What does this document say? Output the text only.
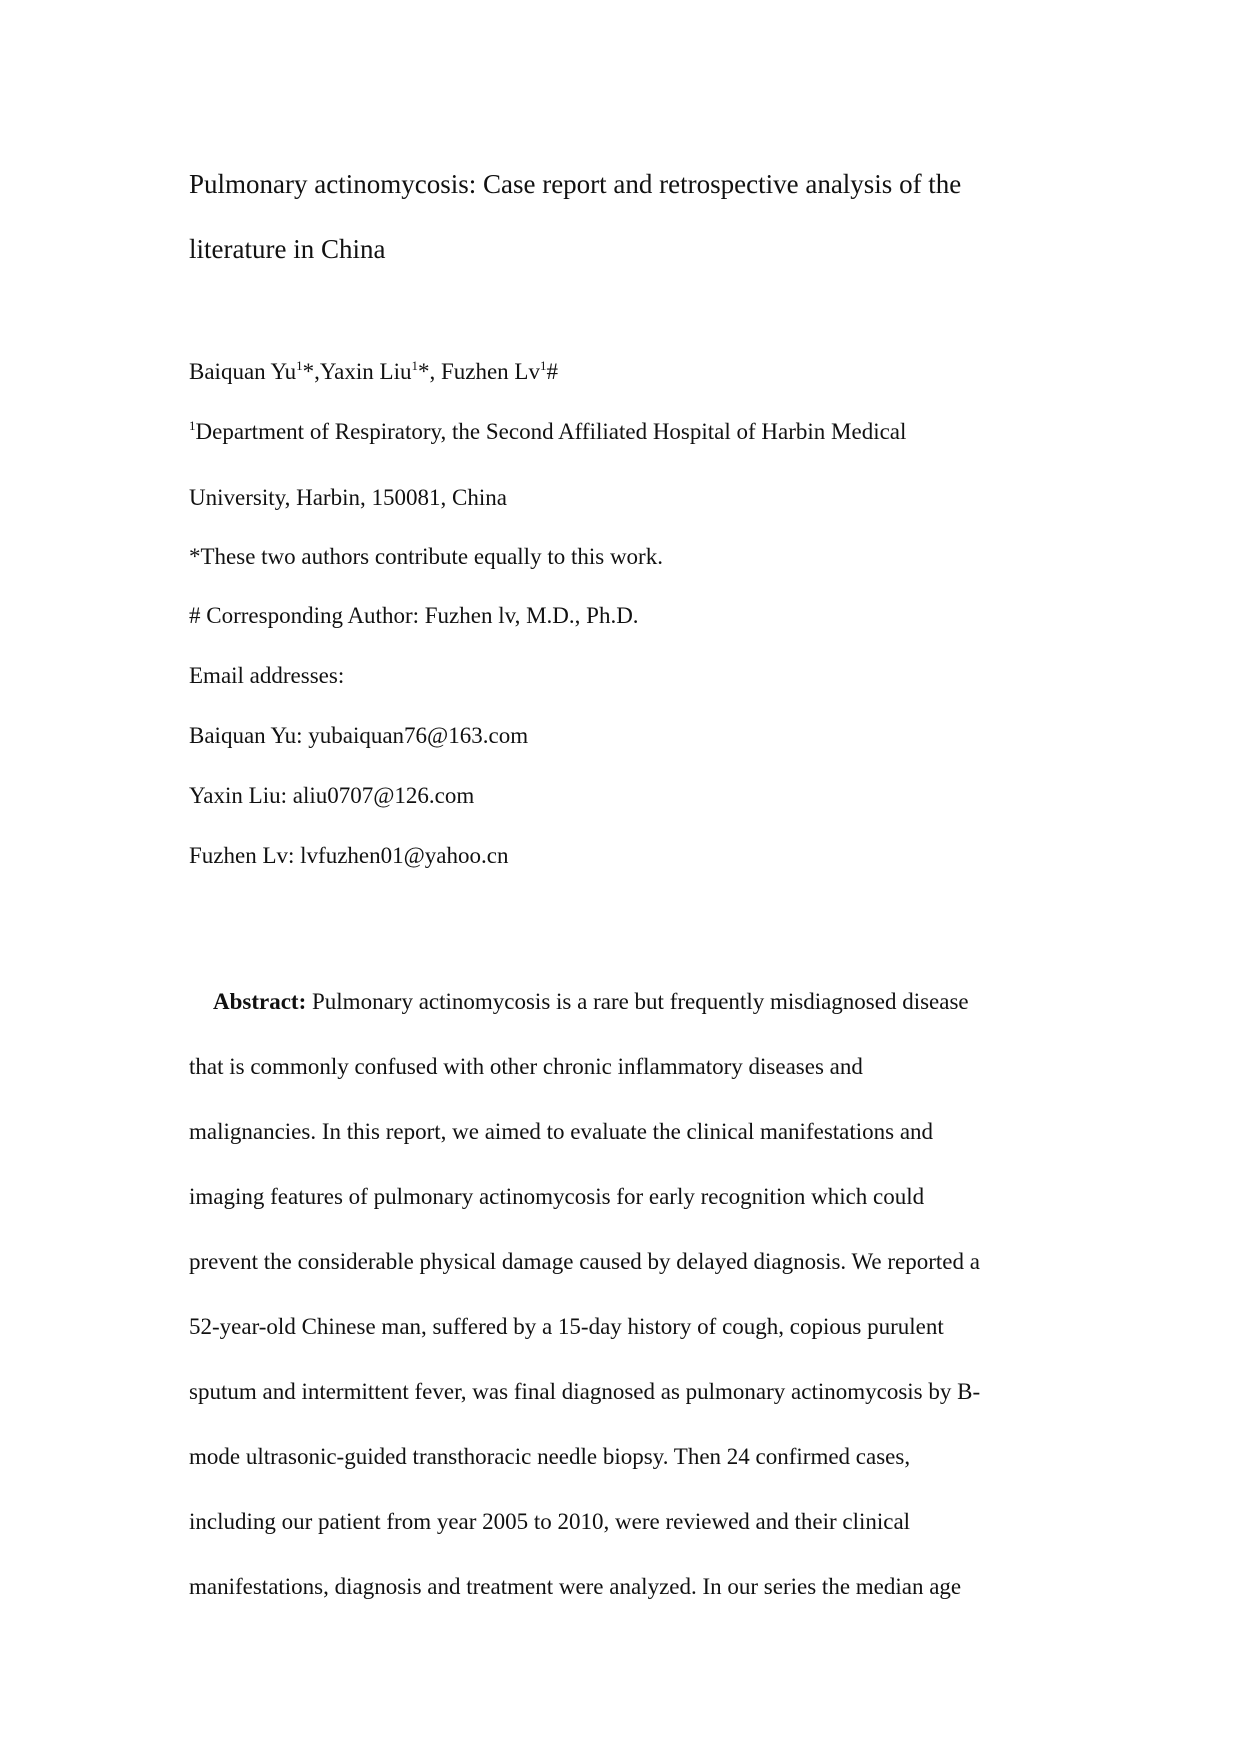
Pulmonary actinomycosis: Case report and retrospective analysis of the
literature in China

Baiquan Yu$^1$*,Yaxin Liu$^1$*, Fuzhen Lv$^1$#

$^1$Department of Respiratory, the Second Affiliated Hospital of Harbin Medical

University, Harbin, 150081, China

*These two authors contribute equally to this work.

# Corresponding Author: Fuzhen lv, M.D., Ph.D.

Email addresses:

Baiquan Yu: yubaiquan76@163.com

Yaxin Liu: aliu0707@126.com

Fuzhen Lv: lvfuzhen01@yahoo.cn

Abstract: Pulmonary actinomycosis is a rare but frequently misdiagnosed disease
that is commonly confused with other chronic inflammatory diseases and
malignancies. In this report, we aimed to evaluate the clinical manifestations and
imaging features of pulmonary actinomycosis for early recognition which could
prevent the considerable physical damage caused by delayed diagnosis. We reported a
52-year-old Chinese man, suffered by a 15-day history of cough, copious purulent
sputum and intermittent fever, was final diagnosed as pulmonary actinomycosis by B-
mode ultrasonic-guided transthoracic needle biopsy. Then 24 confirmed cases,
including our patient from year 2005 to 2010, were reviewed and their clinical
manifestations, diagnosis and treatment were analyzed. In our series the median age
